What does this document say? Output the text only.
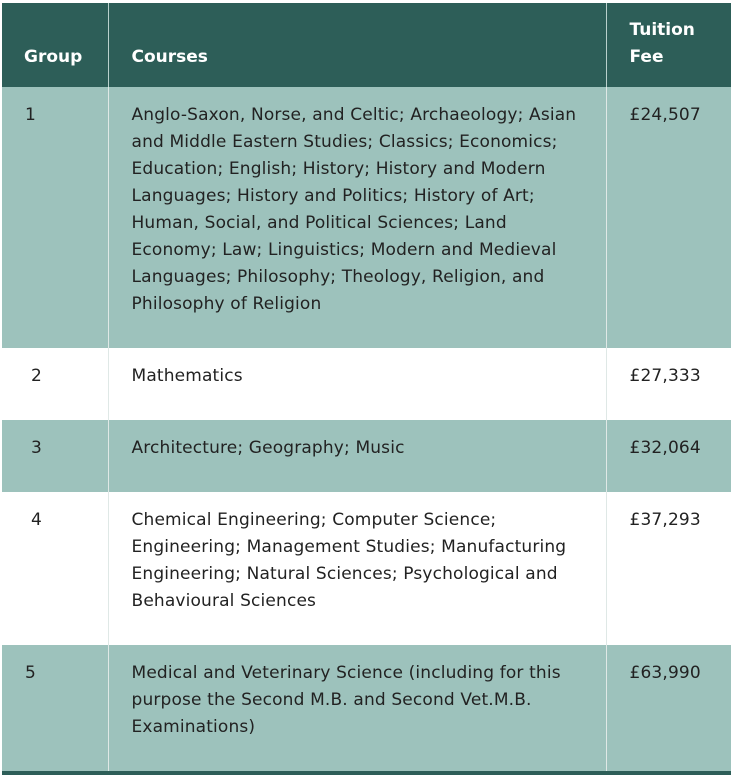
Group	Courses	Tuition
Fee
1	Anglo-Saxon, Norse, and Celtic; Archaeology; Asian and Middle Eastern Studies; Classics; Economics; Education; English; History; History and Modern Languages; History and Politics; History of Art; Human, Social, and Political Sciences; Land Economy; Law; Linguistics; Modern and Medieval Languages; Philosophy; Theology, Religion, and Philosophy of Religion	£24,507
2	Mathematics	£27,333
3	Architecture; Geography; Music	£32,064
4	Chemical Engineering; Computer Science; Engineering; Management Studies; Manufacturing Engineering; Natural Sciences; Psychological and Behavioural Sciences	£37,293
5	Medical and Veterinary Science (including for this purpose the Second M.B. and Second Vet.M.B. Examinations)	£63,990
